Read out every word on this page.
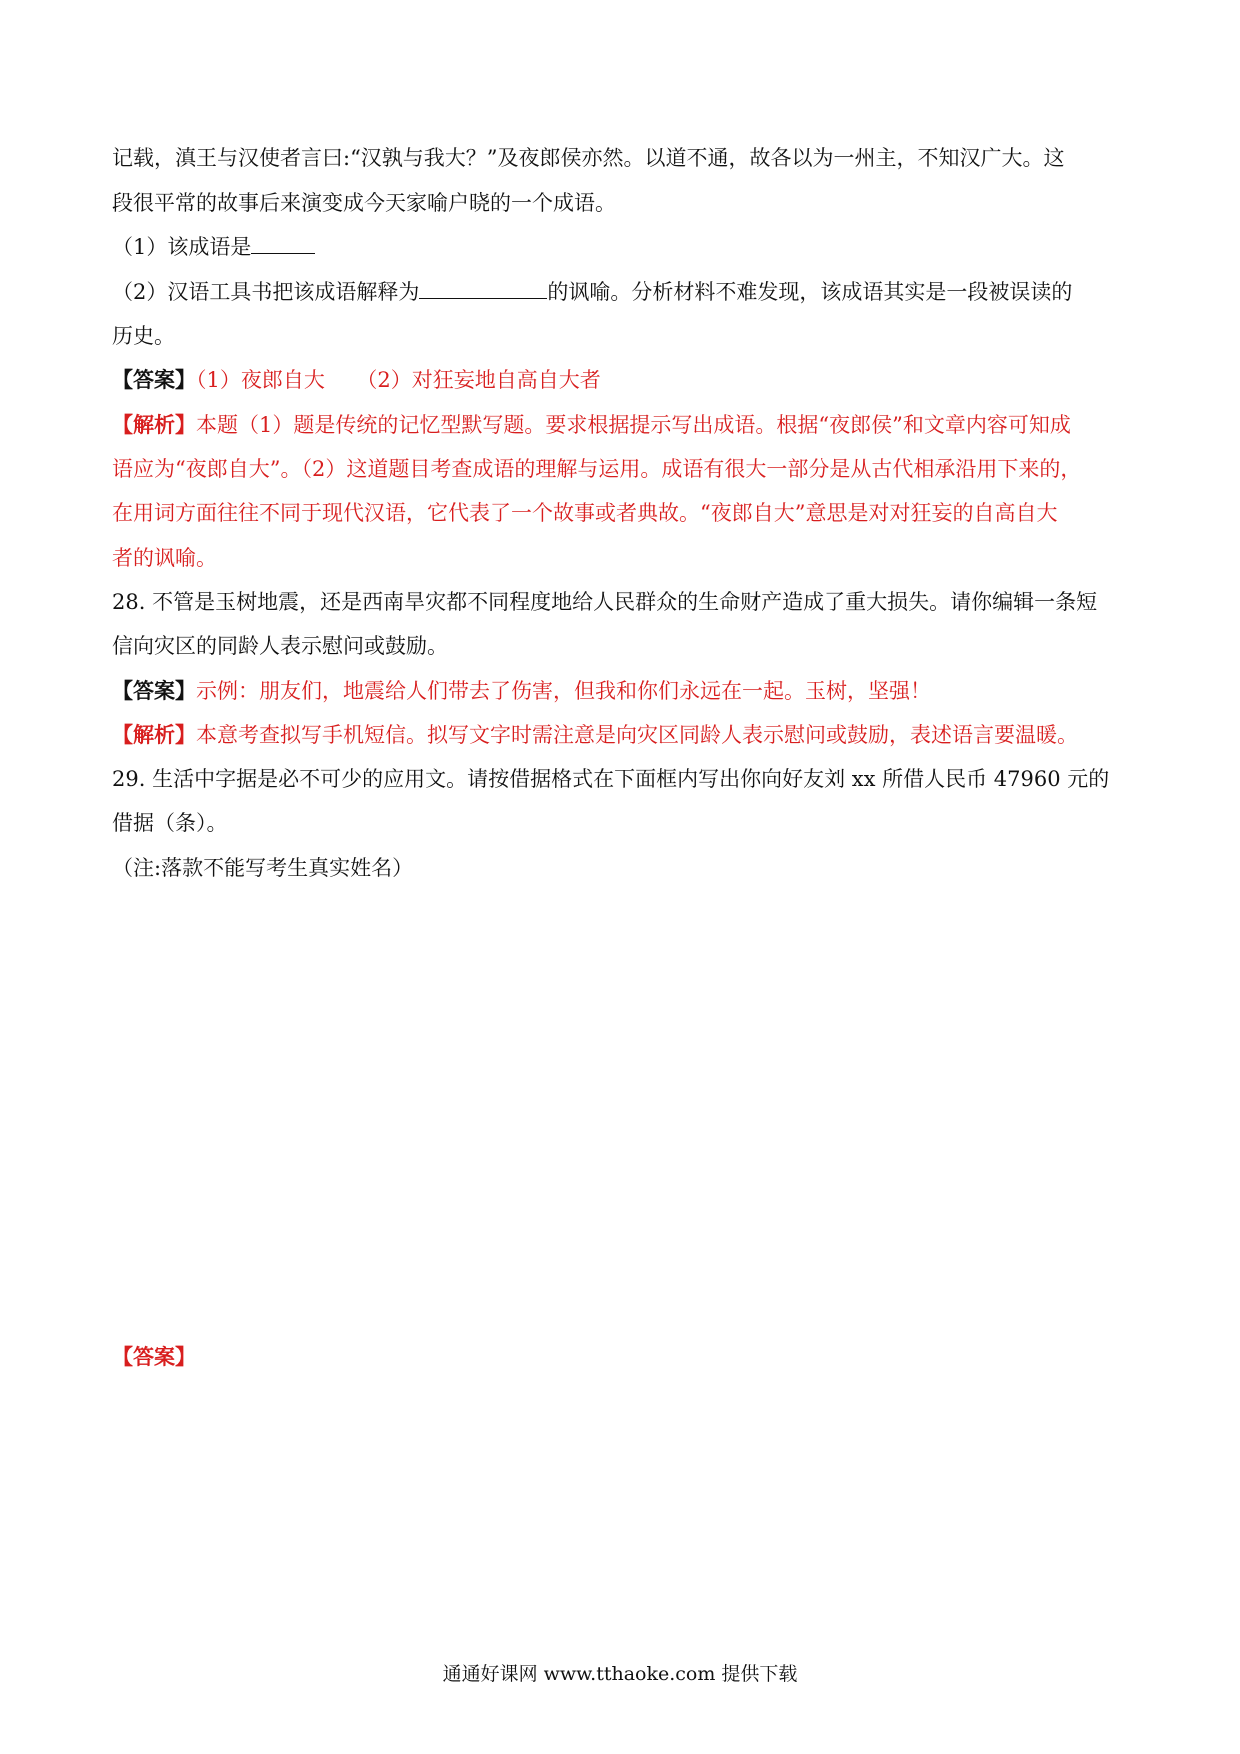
记载，滇王与汉使者言曰:“汉孰与我大？”及夜郎侯亦然。以道不通，故各以为一州主，不知汉广大。这
段很平常的故事后来演变成今天家喻户晓的一个成语。
（1）该成语是
（2）汉语工具书把该成语解释为	的讽喻。分析材料不难发现，该成语其实是一段被误读的
历史。
【答案】（1）夜郎自大　　（2）对狂妄地自高自大者
【解析】本题（1）题是传统的记忆型默写题。要求根据提示写出成语。根据“夜郎侯”和文章内容可知成
语应为“夜郎自大”。（2）这道题目考查成语的理解与运用。成语有很大一部分是从古代相承沿用下来的，
在用词方面往往不同于现代汉语，它代表了一个故事或者典故。“夜郎自大”意思是对对狂妄的自高自大
者的讽喻。
28. 不管是玉树地震，还是西南旱灾都不同程度地给人民群众的生命财产造成了重大损失。请你编辑一条短
信向灾区的同龄人表示慰问或鼓励。
【答案】示例：朋友们，地震给人们带去了伤害，但我和你们永远在一起。玉树，坚强！
【解析】本意考查拟写手机短信。拟写文字时需注意是向灾区同龄人表示慰问或鼓励，表述语言要温暖。
29. 生活中字据是必不可少的应用文。请按借据格式在下面框内写出你向好友刘 xx 所借人民币 47960 元的
借据（条）。
（注:落款不能写考生真实姓名）
【答案】
通通好课网 www.tthaoke.com 提供下载
